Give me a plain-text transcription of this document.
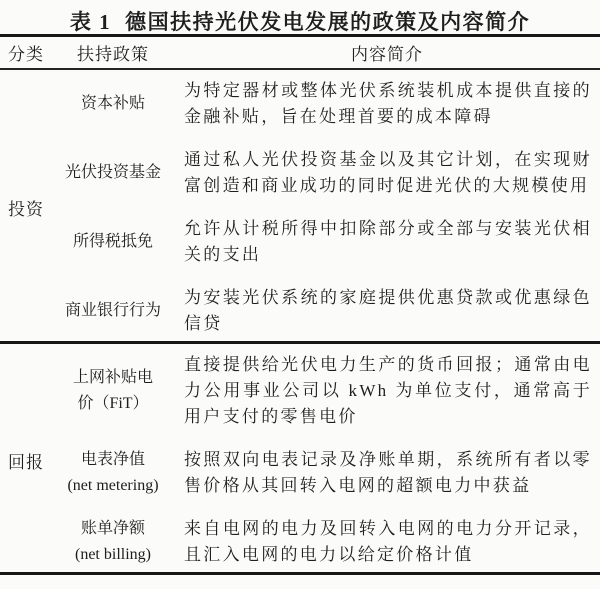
表 1 德国扶持光伏发电发展的政策及内容简介
分类	扶持政策	内容简介
投资
资本补贴
为特定器材或整体光伏系统装机成本提供直接的金融补贴，旨在处理首要的成本障碍
光伏投资基金
通过私人光伏投资基金以及其它计划，在实现财富创造和商业成功的同时促进光伏的大规模使用
所得税抵免
允许从计税所得中扣除部分或全部与安装光伏相关的支出
商业银行行为
为安装光伏系统的家庭提供优惠贷款或优惠绿色信贷
回报
上网补贴电
价（FiT）
直接提供给光伏电力生产的货币回报；通常由电力公用事业公司以 kWh 为单位支付，通常高于用户支付的零售电价
电表净值
(net metering)
按照双向电表记录及净账单期，系统所有者以零售价格从其回转入电网的超额电力中获益
账单净额
(net billing)
来自电网的电力及回转入电网的电力分开记录，且汇入电网的电力以给定价格计值
